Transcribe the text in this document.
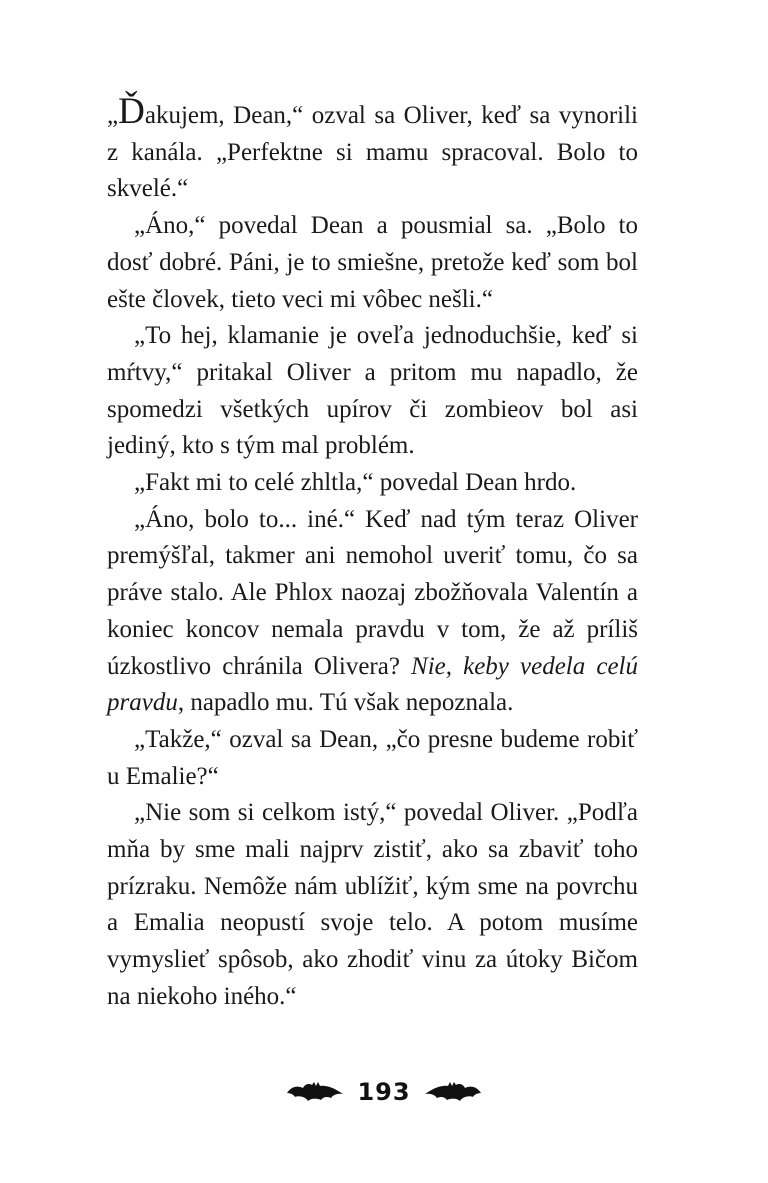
„Ďakujem, Dean,“ ozval sa Oliver, keď sa vynorili z kanála. „Perfektne si mamu spracoval. Bolo to skvelé.“

„Áno,“ povedal Dean a pousmial sa. „Bolo to dosť dobré. Páni, je to smiešne, pretože keď som bol ešte človek, tieto veci mi vôbec nešli.“

„To hej, klamanie je oveľa jednoduchšie, keď si mŕtvy,“ pritakal Oliver a pritom mu napadlo, že spomedzi všetkých upírov či zombieov bol asi jediný, kto s tým mal problém.

„Fakt mi to celé zhltla,“ povedal Dean hrdo.

„Áno, bolo to... iné.“ Keď nad tým teraz Oliver premýšľal, takmer ani nemohol uveriť tomu, čo sa práve stalo. Ale Phlox naozaj zbožňovala Valentín a koniec koncov nemala pravdu v tom, že až príliš úzkostlivo chránila Olivera? Nie, keby vedela celú pravdu, napadlo mu. Tú však nepoznala.

„Takže,“ ozval sa Dean, „čo presne budeme robiť u Emalie?“

„Nie som si celkom istý,“ povedal Oliver. „Podľa mňa by sme mali najprv zistiť, ako sa zbaviť toho prízraku. Nemôže nám ublížiť, kým sme na povrchu a Emalia neopustí svoje telo. A potom musíme vymyslieť spôsob, ako zhodiť vinu za útoky Bičom na niekoho iného.“

193
